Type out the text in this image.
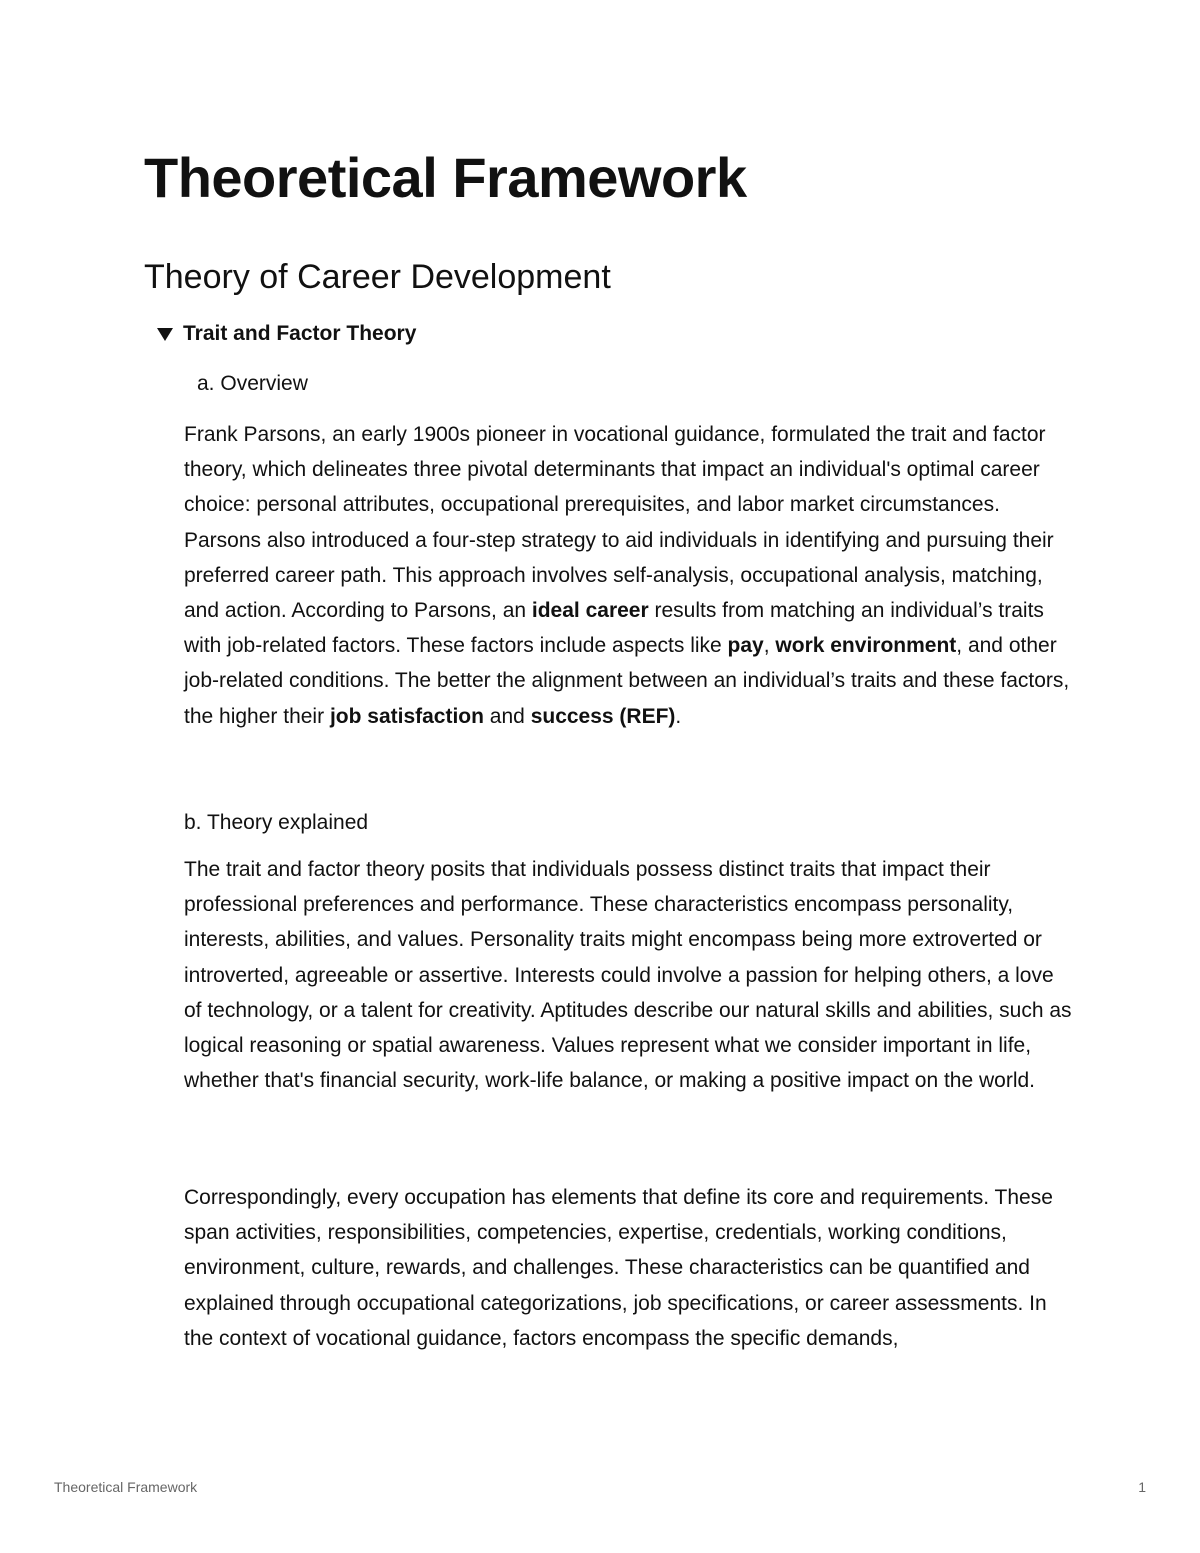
Theoretical Framework
Theory of Career Development
Trait and Factor Theory
a. Overview

Frank Parsons, an early 1900s pioneer in vocational guidance, formulated the trait and factor theory, which delineates three pivotal determinants that impact an individual's optimal career choice: personal attributes, occupational prerequisites, and labor market circumstances. Parsons also introduced a four-step strategy to aid individuals in identifying and pursuing their preferred career path. This approach involves self-analysis, occupational analysis, matching, and action. According to Parsons, an ideal career results from matching an individual’s traits with job-related factors. These factors include aspects like pay, work environment, and other job-related conditions. The better the alignment between an individual’s traits and these factors, the higher their job satisfaction and success (REF).

b. Theory explained

The trait and factor theory posits that individuals possess distinct traits that impact their professional preferences and performance. These characteristics encompass personality, interests, abilities, and values. Personality traits might encompass being more extroverted or introverted, agreeable or assertive. Interests could involve a passion for helping others, a love of technology, or a talent for creativity. Aptitudes describe our natural skills and abilities, such as logical reasoning or spatial awareness. Values represent what we consider important in life, whether that's financial security, work-life balance, or making a positive impact on the world.

Correspondingly, every occupation has elements that define its core and requirements. These span activities, responsibilities, competencies, expertise, credentials, working conditions, environment, culture, rewards, and challenges. These characteristics can be quantified and explained through occupational categorizations, job specifications, or career assessments. In the context of vocational guidance, factors encompass the specific demands,

Theoretical Framework	1
